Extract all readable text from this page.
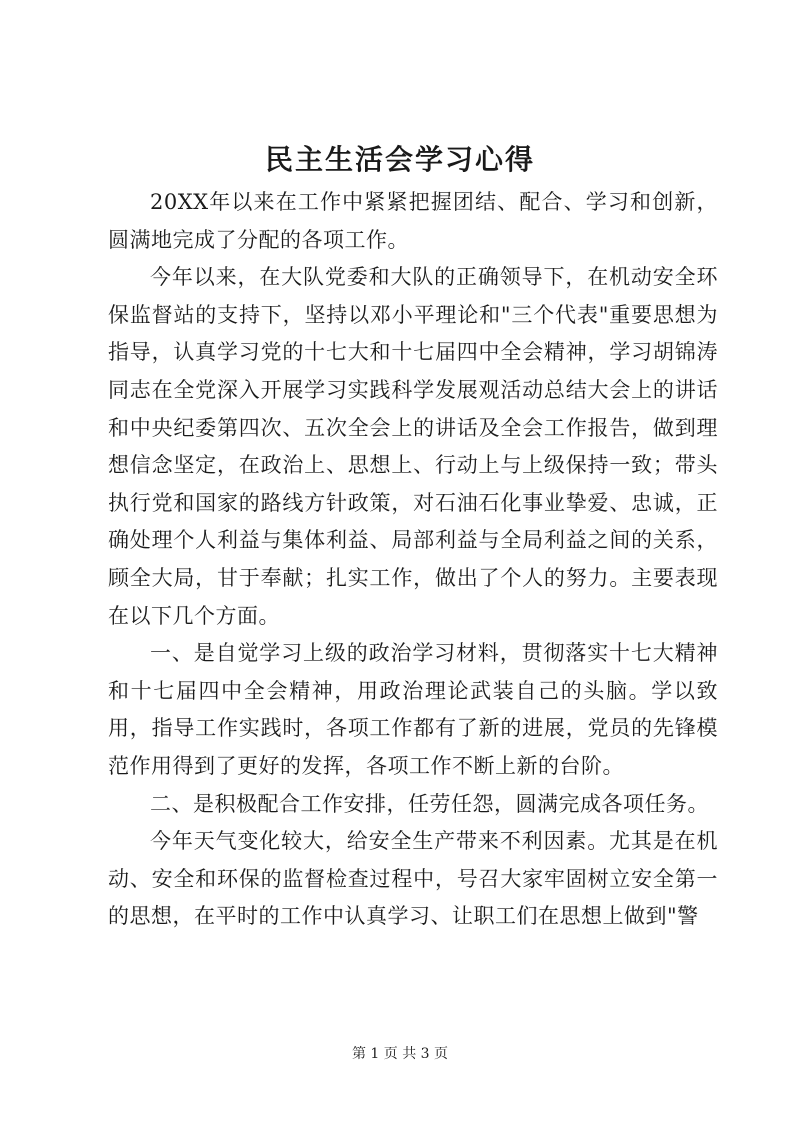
民主生活会学习心得

20XX年以来在工作中紧紧把握团结、配合、学习和创新，圆满地完成了分配的各项工作。

今年以来，在大队党委和大队的正确领导下，在机动安全环保监督站的支持下，坚持以邓小平理论和"三个代表"重要思想为指导，认真学习党的十七大和十七届四中全会精神，学习胡锦涛同志在全党深入开展学习实践科学发展观活动总结大会上的讲话和中央纪委第四次、五次全会上的讲话及全会工作报告，做到理想信念坚定，在政治上、思想上、行动上与上级保持一致；带头执行党和国家的路线方针政策，对石油石化事业挚爱、忠诚，正确处理个人利益与集体利益、局部利益与全局利益之间的关系，顾全大局，甘于奉献；扎实工作，做出了个人的努力。主要表现在以下几个方面。

一、是自觉学习上级的政治学习材料，贯彻落实十七大精神和十七届四中全会精神，用政治理论武装自己的头脑。学以致用，指导工作实践时，各项工作都有了新的进展，党员的先锋模范作用得到了更好的发挥，各项工作不断上新的台阶。

二、是积极配合工作安排，任劳任怨，圆满完成各项任务。

今年天气变化较大，给安全生产带来不利因素。尤其是在机动、安全和环保的监督检查过程中，号召大家牢固树立安全第一的思想，在平时的工作中认真学习、让职工们在思想上做到"警

第 1 页 共 3 页
